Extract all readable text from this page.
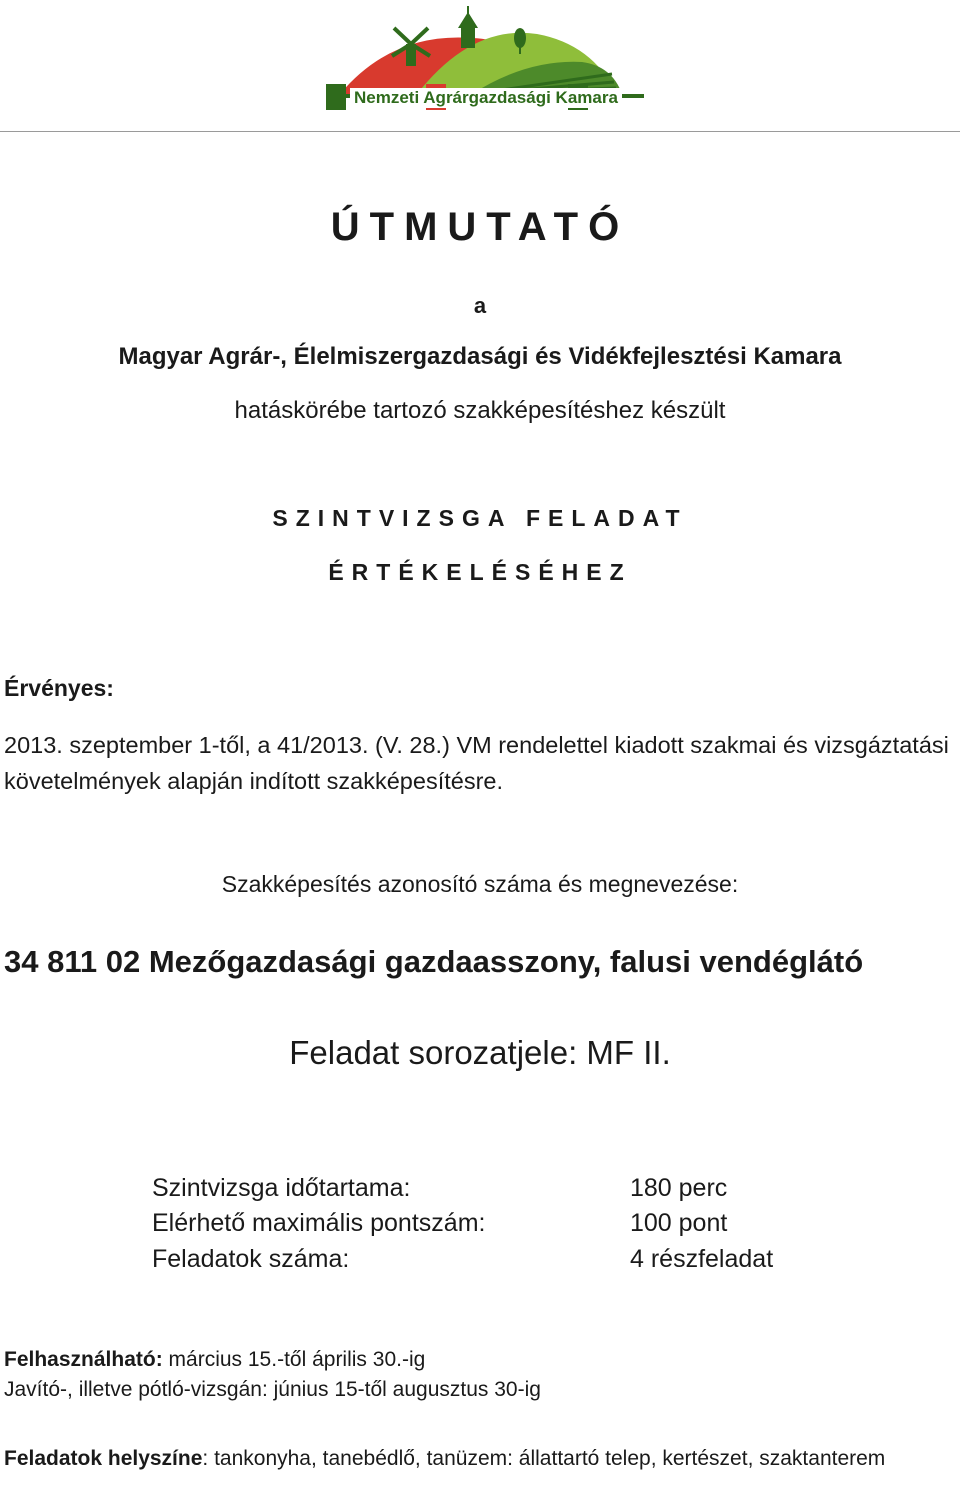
Nemzeti Agrárgazdasági Kamara
ÚTMUTATÓ
a
Magyar Agrár-, Élelmiszergazdasági és Vidékfejlesztési Kamara
hatáskörébe tartozó szakképesítéshez készült
SZINTVIZSGA FELADAT
ÉRTÉKELÉSÉHEZ
Érvényes:
2013. szeptember 1-től, a 41/2013. (V. 28.) VM rendelettel kiadott szakmai és vizsgáztatási követelmények alapján indított szakképesítésre.
Szakképesítés azonosító száma és megnevezése:
34 811 02 Mezőgazdasági gazdaasszony, falusi vendéglátó
Feladat sorozatjele: MF II.
Szintvizsga időtartama:	180 perc
Elérhető maximális pontszám:	100 pont
Feladatok száma:	4 részfeladat
Felhasználható: március 15.-től április 30.-ig
Javító-, illetve pótló-vizsgán: június 15-től augusztus 30-ig
Feladatok helyszíne: tankonyha, tanebédlő, tanüzem: állattartó telep, kertészet, szaktanterem
